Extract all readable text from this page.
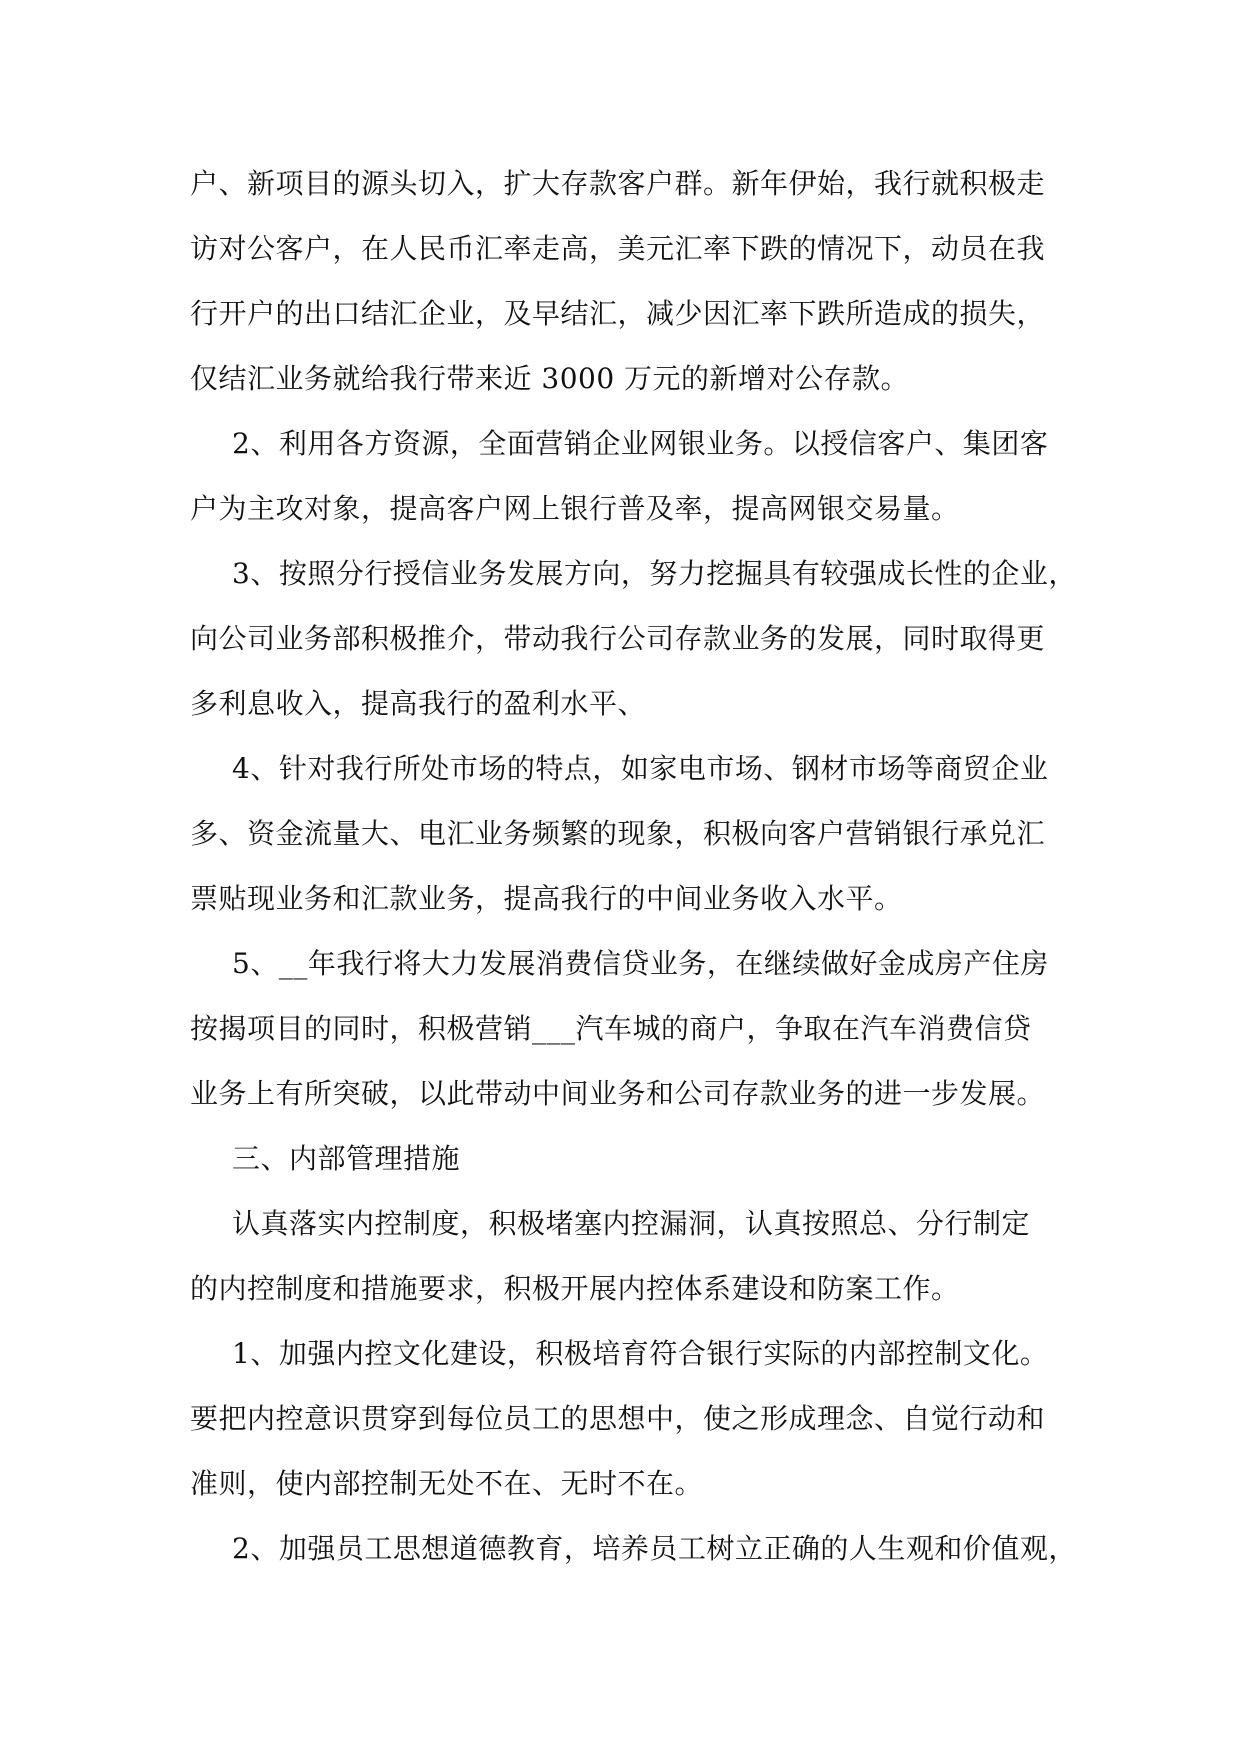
户、新项目的源头切入，扩大存款客户群。新年伊始，我行就积极走
访对公客户，在人民币汇率走高，美元汇率下跌的情况下，动员在我
行开户的出口结汇企业，及早结汇，减少因汇率下跌所造成的损失，
仅结汇业务就给我行带来近 3000 万元的新增对公存款。
2、利用各方资源，全面营销企业网银业务。以授信客户、集团客
户为主攻对象，提高客户网上银行普及率，提高网银交易量。
3、按照分行授信业务发展方向，努力挖掘具有较强成长性的企业，
向公司业务部积极推介，带动我行公司存款业务的发展，同时取得更
多利息收入，提高我行的盈利水平、
4、针对我行所处市场的特点，如家电市场、钢材市场等商贸企业
多、资金流量大、电汇业务频繁的现象，积极向客户营销银行承兑汇
票贴现业务和汇款业务，提高我行的中间业务收入水平。
5、__年我行将大力发展消费信贷业务，在继续做好金成房产住房
按揭项目的同时，积极营销___汽车城的商户，争取在汽车消费信贷
业务上有所突破，以此带动中间业务和公司存款业务的进一步发展。
三、内部管理措施
认真落实内控制度，积极堵塞内控漏洞，认真按照总、分行制定
的内控制度和措施要求，积极开展内控体系建设和防案工作。
1、加强内控文化建设，积极培育符合银行实际的内部控制文化。
要把内控意识贯穿到每位员工的思想中，使之形成理念、自觉行动和
准则，使内部控制无处不在、无时不在。
2、加强员工思想道德教育，培养员工树立正确的人生观和价值观，
